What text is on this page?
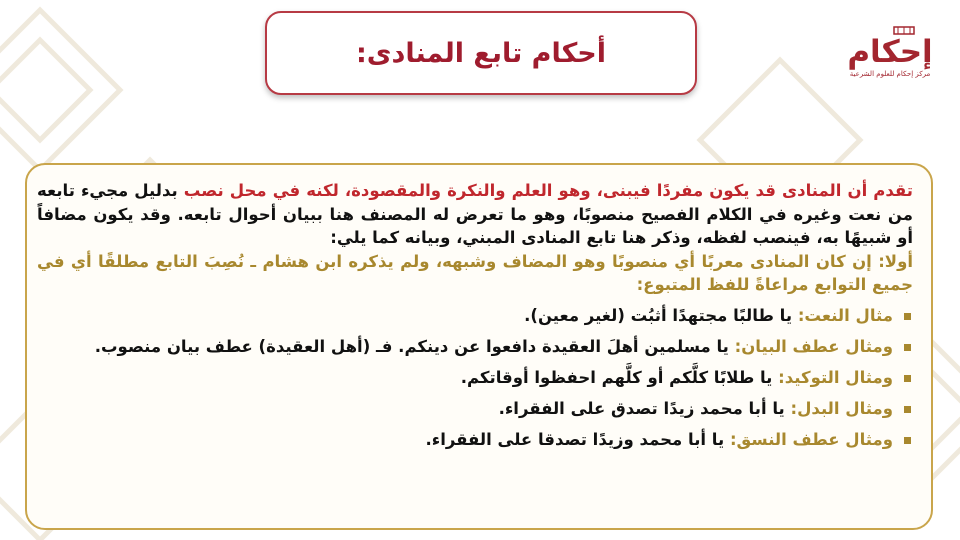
أحكام تابع المنادى:	إحكام
مركز إحكام للعلوم الشرعية

تقدم أن المنادى قد يكون مفردًا فيبنى، وهو العلم والنكرة والمقصودة، لكنه في محل نصب بدليل مجيء تابعه من نعت وغيره في الكلام الفصيح منصوبًا، وهو ما تعرض له المصنف هنا ببيان أحوال تابعه. وقد يكون مضافاً أو شبيهًا به، فينصب لفظه، وذكر هنا تابع المنادى المبني، وبيانه كما يلي:

أولا: إن كان المنادى معربًا أي منصوبًا وهو المضاف وشبهه، ولم يذكره ابن هشام ـ نُصِبَ التابع مطلقًا أي في جميع التوابع مراعاةً للفظ المتبوع:

مثال النعت: يا طالبًا مجتهدًا أثبُت (لغير معين).
ومثال عطف البيان: يا مسلمين أهلَ العقيدة دافعوا عن دينكم. فـ (أهل العقيدة) عطف بيان منصوب.
ومثال التوكيد: يا طلابًا كلَّكم أو كلَّهم احفظوا أوقاتكم.
ومثال البدل: يا أبا محمد زيدًا تصدق على الفقراء.
ومثال عطف النسق: يا أبا محمد وزيدًا تصدقا على الفقراء.
